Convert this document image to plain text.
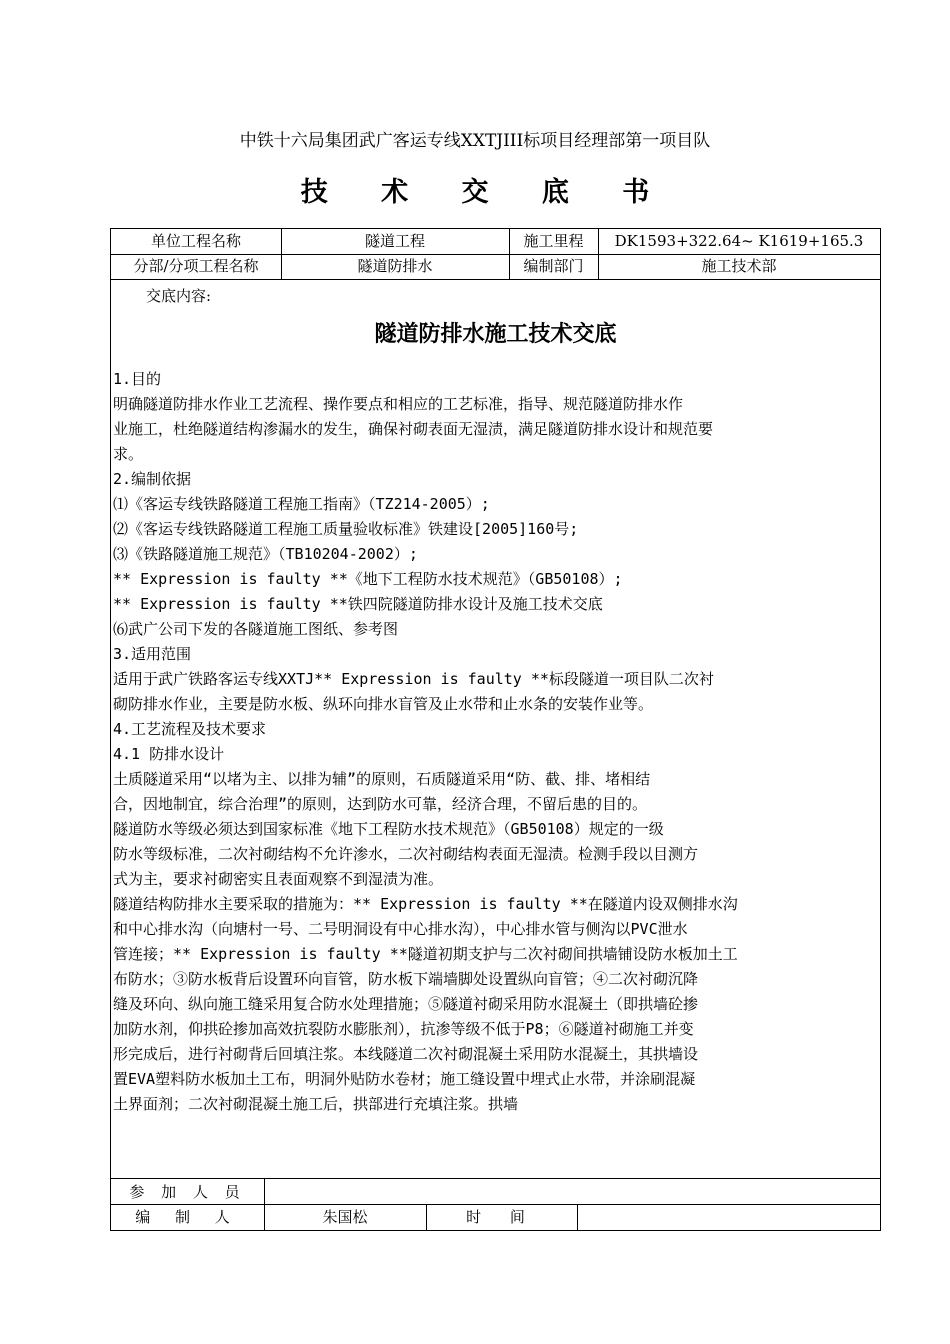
中铁十六局集团武广客运专线XXTJIII标项目经理部第一项目队
技 术 交 底 书
单位工程名称	隧道工程	施工里程	DK1593+322.64~ K1619+165.3
分部/分项工程名称	隧道防排水	编制部门	施工技术部
交底内容:
隧道防排水施工技术交底
1.目的
明确隧道防排水作业工艺流程、操作要点和相应的工艺标准，指导、规范隧道防排水作
业施工，杜绝隧道结构渗漏水的发生，确保衬砌表面无湿渍，满足隧道防排水设计和规范要
求。
2.编制依据
⑴《客运专线铁路隧道工程施工指南》（TZ214-2005）;
⑵《客运专线铁路隧道工程施工质量验收标准》铁建设[2005]160号;
⑶《铁路隧道施工规范》（TB10204-2002）;
** Expression is faulty **《地下工程防水技术规范》（GB50108）;
** Expression is faulty **铁四院隧道防排水设计及施工技术交底
⑹武广公司下发的各隧道施工图纸、参考图
3.适用范围
适用于武广铁路客运专线XXTJ** Expression is faulty **标段隧道一项目队二次衬
砌防排水作业，主要是防水板、纵环向排水盲管及止水带和止水条的安装作业等。
4.工艺流程及技术要求
4.1 防排水设计
土质隧道采用“以堵为主、以排为辅”的原则，石质隧道采用“防、截、排、堵相结
合，因地制宜，综合治理”的原则，达到防水可靠，经济合理，不留后患的目的。
隧道防水等级必须达到国家标准《地下工程防水技术规范》（GB50108）规定的一级
防水等级标准，二次衬砌结构不允许渗水，二次衬砌结构表面无湿渍。检测手段以目测方
式为主，要求衬砌密实且表面观察不到湿渍为准。
隧道结构防排水主要采取的措施为：** Expression is faulty **在隧道内设双侧排水沟
和中心排水沟（向塘村一号、二号明洞设有中心排水沟），中心排水管与侧沟以PVC泄水
管连接；** Expression is faulty **隧道初期支护与二次衬砌间拱墙铺设防水板加土工
布防水；③防水板背后设置环向盲管，防水板下端墙脚处设置纵向盲管；④二次衬砌沉降
缝及环向、纵向施工缝采用复合防水处理措施；⑤隧道衬砌采用防水混凝土（即拱墙砼掺
加防水剂，仰拱砼掺加高效抗裂防水膨胀剂），抗渗等级不低于P8；⑥隧道衬砌施工并变
形完成后，进行衬砌背后回填注浆。本线隧道二次衬砌混凝土采用防水混凝土，其拱墙设
置EVA塑料防水板加土工布，明洞外贴防水卷材；施工缝设置中埋式止水带，并涂刷混凝
土界面剂；二次衬砌混凝土施工后，拱部进行充填注浆。拱墙
参 加 人 员
编 制 人	朱国松	时 间
